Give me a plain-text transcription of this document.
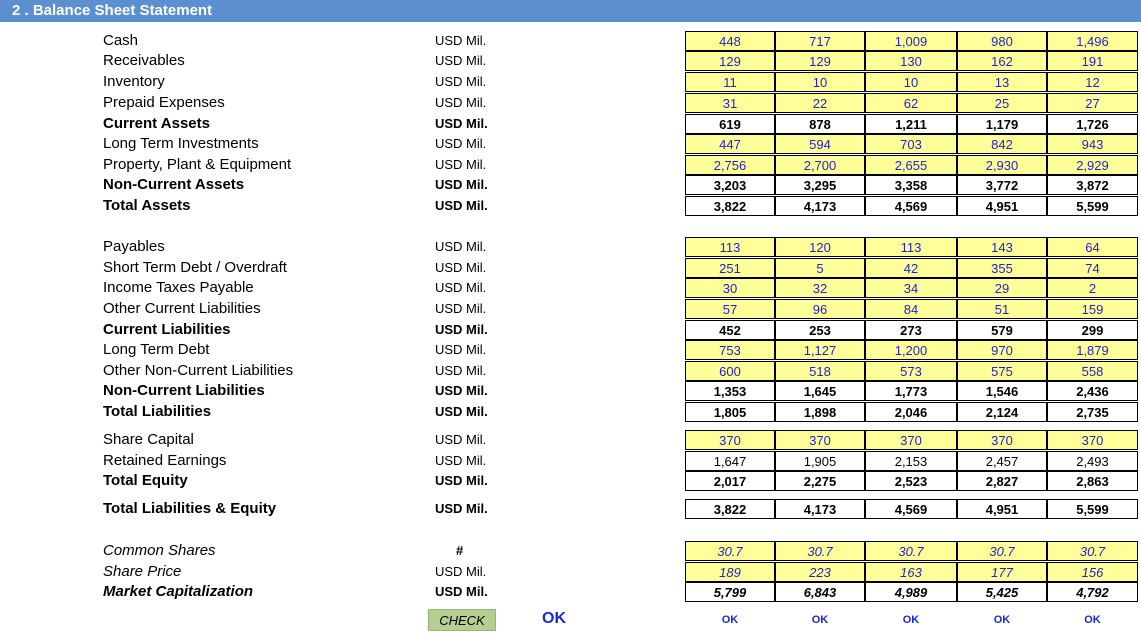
2 . Balance Sheet Statement
Cash	USD Mil.	448	717	1,009	980	1,496
Receivables	USD Mil.	129	129	130	162	191
Inventory	USD Mil.	11	10	10	13	12
Prepaid Expenses	USD Mil.	31	22	62	25	27
Current Assets	USD Mil.	619	878	1,211	1,179	1,726
Long Term Investments	USD Mil.	447	594	703	842	943
Property, Plant & Equipment	USD Mil.	2,756	2,700	2,655	2,930	2,929
Non-Current Assets	USD Mil.	3,203	3,295	3,358	3,772	3,872
Total Assets	USD Mil.	3,822	4,173	4,569	4,951	5,599
Payables	USD Mil.	113	120	113	143	64
Short Term Debt / Overdraft	USD Mil.	251	5	42	355	74
Income Taxes Payable	USD Mil.	30	32	34	29	2
Other Current Liabilities	USD Mil.	57	96	84	51	159
Current Liabilities	USD Mil.	452	253	273	579	299
Long Term Debt	USD Mil.	753	1,127	1,200	970	1,879
Other Non-Current Liabilities	USD Mil.	600	518	573	575	558
Non-Current Liabilities	USD Mil.	1,353	1,645	1,773	1,546	2,436
Total Liabilities	USD Mil.	1,805	1,898	2,046	2,124	2,735
Share Capital	USD Mil.	370	370	370	370	370
Retained Earnings	USD Mil.	1,647	1,905	2,153	2,457	2,493
Total Equity	USD Mil.	2,017	2,275	2,523	2,827	2,863
Total Liabilities & Equity	USD Mil.	3,822	4,173	4,569	4,951	5,599
Common Shares	#	30.7	30.7	30.7	30.7	30.7
Share Price	USD Mil.	189	223	163	177	156
Market Capitalization	USD Mil.	5,799	6,843	4,989	5,425	4,792
CHECK	OK	OK	OK	OK	OK	OK
